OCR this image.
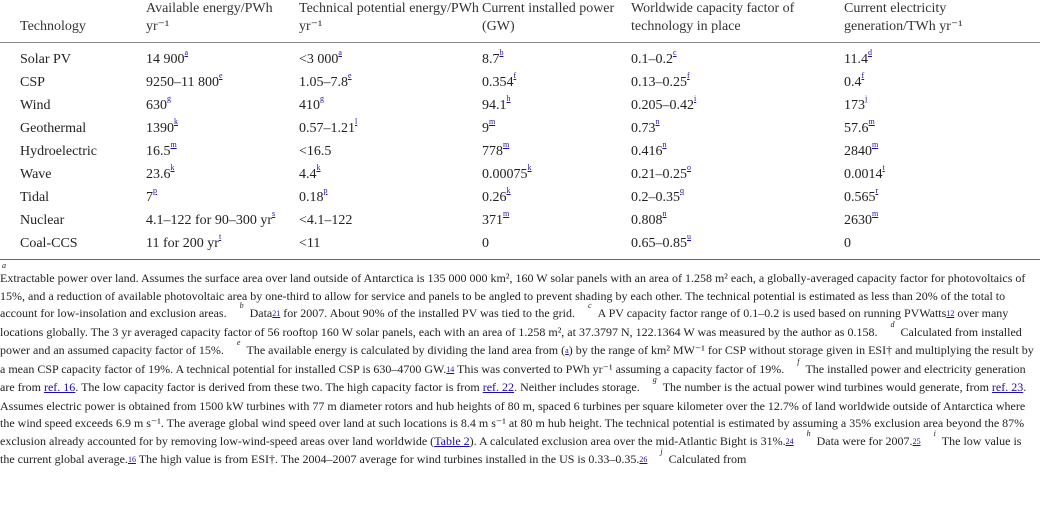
Technology	Available energy/PWh yr⁻¹	Technical potential energy/PWh yr⁻¹	Current installed power (GW)	Worldwide capacity factor of technology in place	Current electricity generation/TWh yr⁻¹
Solar PV	14 900$^a$	<3 000$^a$	8.7$^b$	0.1–0.2$^c$	11.4$^d$
CSP	9250–11 800e	1.05–7.8e	0.354$^f$	0.13–0.25$^f$	0.4$^f$
Wind	630$^g$	410$^g$	94.1$^h$	0.205–0.42$^i$	173$^j$
Geothermal	1390$^k$	0.57–1.21$^l$	9$^m$	0.73$^n$	57.6$^m$
Hydroelectric	16.5$^m$	<16.5	778$^m$	0.416$^n$	2840$^m$
Wave	23.6$^k$	4.4$^k$	0.00075$^k$	0.21–0.25$^o$	0.0014$^t$
Tidal	7$^p$	0.18$^p$	0.26$^k$	0.2–0.35$^q$	0.565$^r$
Nuclear	4.1–122 for 90–300 yr$^s$	<4.1–122	371$^m$	0.808$^n$	2630$^m$
Coal-CCS	11 for 200 yr$^t$	<11	0	0.65–0.85$^u$	0

a
Extractable power over land. Assumes the surface area over land outside of Antarctica is 135 000 000 km², 160 W solar panels with an area of 1.258 m² each, a globally-averaged capacity factor for photovoltaics of 15%, and a reduction of available photovoltaic area by one-third to allow for service and panels to be angled to prevent shading by each other. The technical potential is estimated as less than 20% of the total to account for low-insolation and exclusion areas. $^b$Data$^{21}$ for 2007. About 90% of the installed PV was tied to the grid. $^c$A PV capacity factor range of 0.1–0.2 is used based on running PVWatts$^{12}$ over many locations globally. The 3 yr averaged capacity factor of 56 rooftop 160 W solar panels, each with an area of 1.258 m², at 37.3797 N, 122.1364 W was measured by the author as 0.158. $^d$Calculated from installed power and an assumed capacity factor of 15%. $^e$The available energy is calculated by dividing the land area from ($^a$) by the range of km² MW⁻¹ for CSP without storage given in ESI† and multiplying the result by a mean CSP capacity factor of 19%. A technical potential for installed CSP is 630–4700 GW.$^{14}$ This was converted to PWh yr⁻¹ assuming a capacity factor of 19%. $^f$The installed power and electricity generation are from ref. 16. The low capacity factor is derived from these two. The high capacity factor is from ref. 22. Neither includes storage. $^g$The number is the actual power wind turbines would generate, from ref. 23. Assumes electric power is obtained from 1500 kW turbines with 77 m diameter rotors and hub heights of 80 m, spaced 6 turbines per square kilometer over the 12.7% of land worldwide outside of Antarctica where the wind speed exceeds 6.9 m s⁻¹. The average global wind speed over land at such locations is 8.4 m s⁻¹ at 80 m hub height. The technical potential is estimated by assuming a 35% exclusion area beyond the 87% exclusion already accounted for by removing low-wind-speed areas over land worldwide (Table 2). A calculated exclusion area over the mid-Atlantic Bight is 31%.$^{24}$ $^h$Data were for 2007.25 $^i$The low value is the current global average.$^{16}$ The high value is from ESI†. The 2004–2007 average for wind turbines installed in the US is 0.33–0.35.26 $^j$Calculated from
